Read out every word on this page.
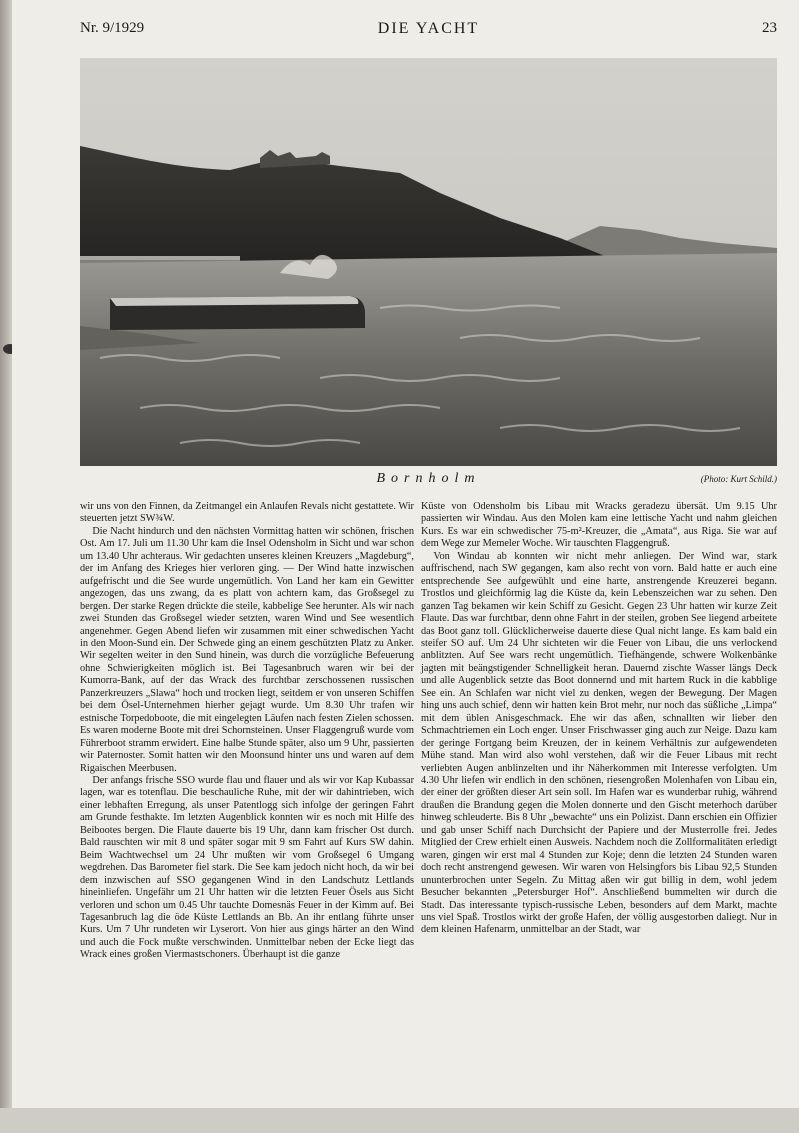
Nr. 9/1929	DIE YACHT	23
Bornholm	(Photo: Kurt Schild.)

wir uns von den Finnen, da Zeitmangel ein Anlaufen Revals nicht gestattete. Wir steuerten jetzt SW¾W.

Die Nacht hindurch und den nächsten Vormittag hatten wir schönen, frischen Ost. Am 17. Juli um 11.30 Uhr kam die Insel Odensholm in Sicht und war schon um 13.40 Uhr achteraus. Wir gedachten unseres kleinen Kreuzers „Magdeburg“, der im Anfang des Krieges hier verloren ging. — Der Wind hatte inzwischen aufgefrischt und die See wurde ungemütlich. Von Land her kam ein Gewitter angezogen, das uns zwang, da es platt von achtern kam, das Großsegel zu bergen. Der starke Regen drückte die steile, kabbelige See herunter. Als wir nach zwei Stunden das Großsegel wieder setzten, waren Wind und See wesentlich angenehmer. Gegen Abend liefen wir zusammen mit einer schwedischen Yacht in den Moon-Sund ein. Der Schwede ging an einem geschützten Platz zu Anker. Wir segelten weiter in den Sund hinein, was durch die vorzügliche Befeuerung ohne Schwierigkeiten möglich ist. Bei Tagesanbruch waren wir bei der Kumorra-Bank, auf der das Wrack des furchtbar zerschossenen russischen Panzerkreuzers „Slawa“ hoch und trocken liegt, seitdem er von unseren Schiffen bei dem Ösel-Unternehmen hierher gejagt wurde. Um 8.30 Uhr trafen wir estnische Torpedoboote, die mit eingelegten Läufen nach festen Zielen schossen. Es waren moderne Boote mit drei Schornsteinen. Unser Flaggengruß wurde vom Führerboot stramm erwidert. Eine halbe Stunde später, also um 9 Uhr, passierten wir Paternoster. Somit hatten wir den Moonsund hinter uns und waren auf dem Rigaischen Meerbusen.

Der anfangs frische SSO wurde flau und flauer und als wir vor Kap Kubassar lagen, war es totenflau. Die beschauliche Ruhe, mit der wir dahintrieben, wich einer lebhaften Erregung, als unser Patentlogg sich infolge der geringen Fahrt am Grunde festhakte. Im letzten Augenblick konnten wir es noch mit Hilfe des Beibootes bergen. Die Flaute dauerte bis 19 Uhr, dann kam frischer Ost durch. Bald rauschten wir mit 8 und später sogar mit 9 sm Fahrt auf Kurs SW dahin. Beim Wachtwechsel um 24 Uhr mußten wir vom Großsegel 6 Umgang wegdrehen. Das Barometer fiel stark. Die See kam jedoch nicht hoch, da wir bei dem inzwischen auf SSO gegangenen Wind in den Landschutz Lettlands hineinliefen. Ungefähr um 21 Uhr hatten wir die letzten Feuer Ösels aus Sicht verloren und schon um 0.45 Uhr tauchte Domesnäs Feuer in der Kimm auf. Bei Tagesanbruch lag die öde Küste Lettlands an Bb. An ihr entlang führte unser Kurs. Um 7 Uhr rundeten wir Lyserort. Von hier aus gings härter an den Wind und auch die Fock mußte verschwinden. Unmittelbar neben der Ecke liegt das Wrack eines großen Viermastschoners. Überhaupt ist die ganze

Küste von Odensholm bis Libau mit Wracks geradezu übersät. Um 9.15 Uhr passierten wir Windau. Aus den Molen kam eine lettische Yacht und nahm gleichen Kurs. Es war ein schwedischer 75-m²-Kreuzer, die „Amata“, aus Riga. Sie war auf dem Wege zur Memeler Woche. Wir tauschten Flaggengruß.

Von Windau ab konnten wir nicht mehr anliegen. Der Wind war, stark auffrischend, nach SW gegangen, kam also recht von vorn. Bald hatte er auch eine entsprechende See aufgewühlt und eine harte, anstrengende Kreuzerei begann. Trostlos und gleichförmig lag die Küste da, kein Lebenszeichen war zu sehen. Den ganzen Tag bekamen wir kein Schiff zu Gesicht. Gegen 23 Uhr hatten wir kurze Zeit Flaute. Das war furchtbar, denn ohne Fahrt in der steilen, groben See liegend arbeitete das Boot ganz toll. Glücklicherweise dauerte diese Qual nicht lange. Es kam bald ein steifer SO auf. Um 24 Uhr sichteten wir die Feuer von Libau, die uns verlockend anblitzten. Auf See wars recht ungemütlich. Tiefhängende, schwere Wolkenbänke jagten mit beängstigender Schnelligkeit heran. Dauernd zischte Wasser längs Deck und alle Augenblick setzte das Boot donnernd und mit hartem Ruck in die kabblige See ein. An Schlafen war nicht viel zu denken, wegen der Bewegung. Der Magen hing uns auch schief, denn wir hatten kein Brot mehr, nur noch das süßliche „Limpa“ mit dem üblen Anisgeschmack. Ehe wir das aßen, schnallten wir lieber den Schmachtriemen ein Loch enger. Unser Frischwasser ging auch zur Neige. Dazu kam der geringe Fortgang beim Kreuzen, der in keinem Verhältnis zur aufgewendeten Mühe stand. Man wird also wohl verstehen, daß wir die Feuer Libaus mit recht verliebten Augen anblinzelten und ihr Näherkommen mit Interesse verfolgten. Um 4.30 Uhr liefen wir endlich in den schönen, riesengroßen Molenhafen von Libau ein, der einer der größten dieser Art sein soll. Im Hafen war es wunderbar ruhig, während draußen die Brandung gegen die Molen donnerte und den Gischt meterhoch darüber hinweg schleuderte. Bis 8 Uhr „bewachte“ uns ein Polizist. Dann erschien ein Offizier und gab unser Schiff nach Durchsicht der Papiere und der Musterrolle frei. Jedes Mitglied der Crew erhielt einen Ausweis. Nachdem noch die Zollformalitäten erledigt waren, gingen wir erst mal 4 Stunden zur Koje; denn die letzten 24 Stunden waren doch recht anstrengend gewesen. Wir waren von Helsingfors bis Libau 92,5 Stunden ununterbrochen unter Segeln. Zu Mittag aßen wir gut billig in dem, wohl jedem Besucher bekannten „Petersburger Hof“. Anschließend bummelten wir durch die Stadt. Das interessante typisch-russische Leben, besonders auf dem Markt, machte uns viel Spaß. Trostlos wirkt der große Hafen, der völlig ausgestorben daliegt. Nur in dem kleinen Hafenarm, unmittelbar an der Stadt, war
